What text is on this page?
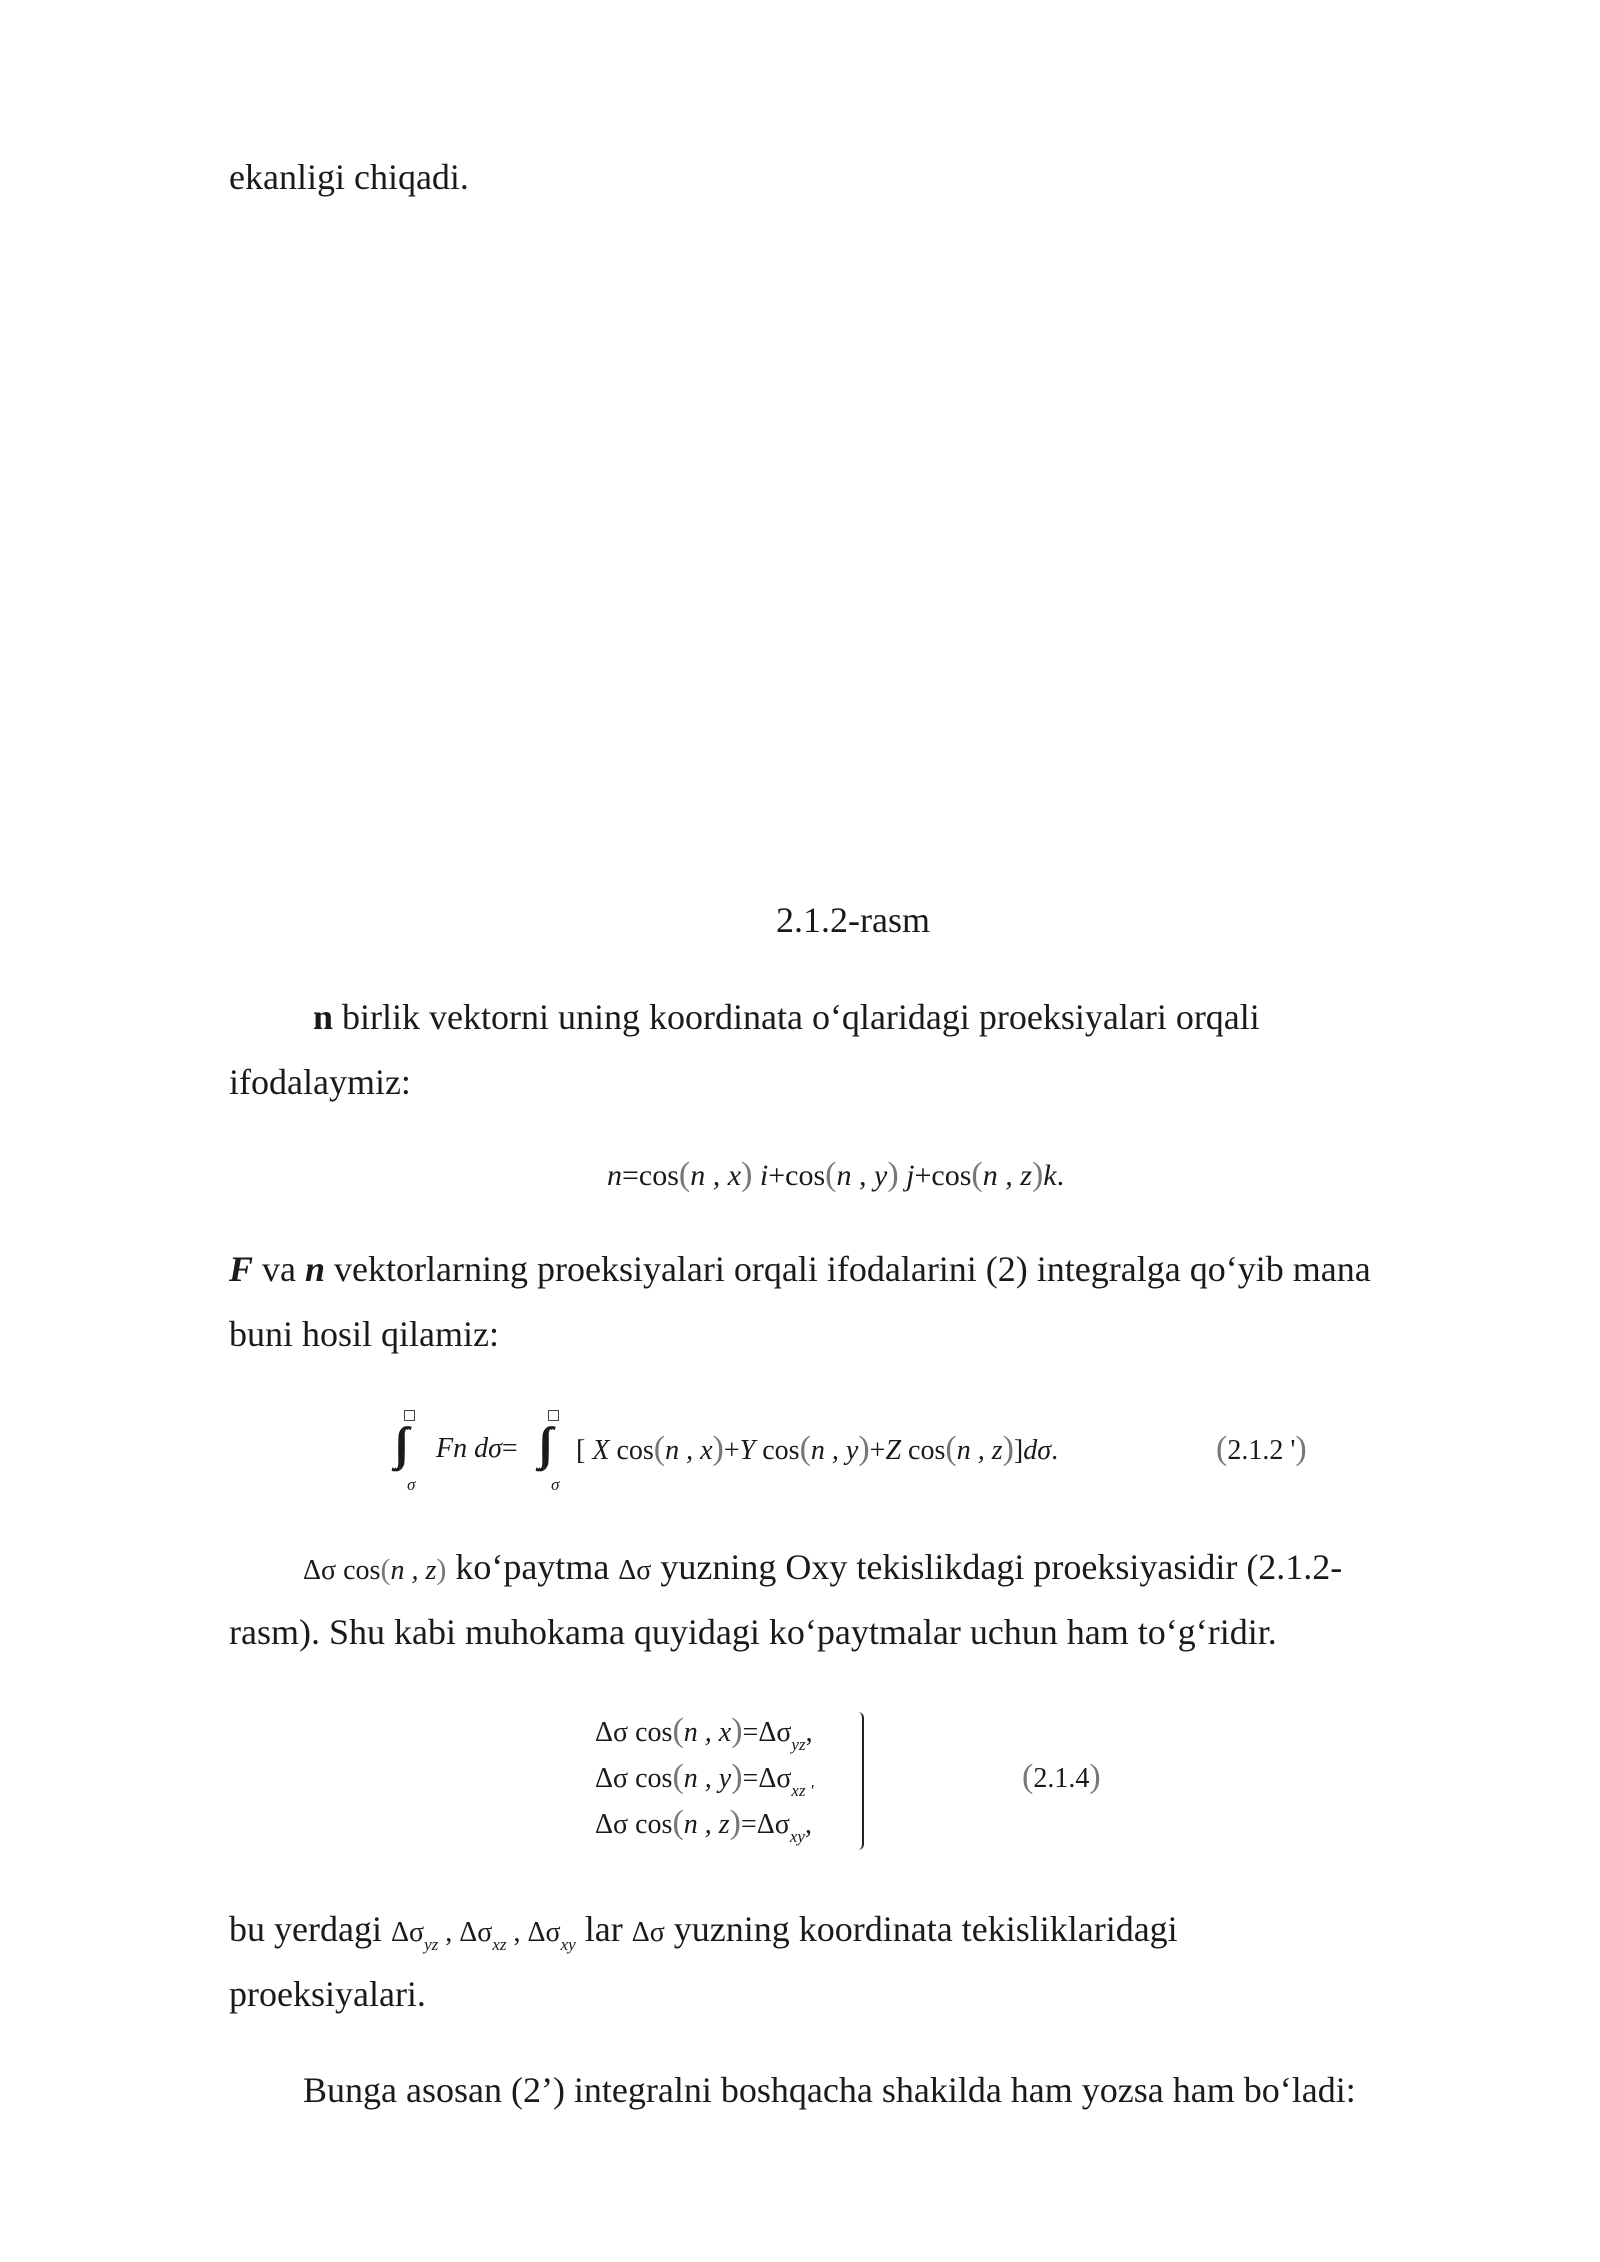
ekanligi chiqadi.
2.1.2-rasm
n birlik vektorni uning koordinata o‘qlaridagi proeksiyalari orqali
ifodalaymiz:
n=cos(n , x) i+cos(n , y) j+cos(n , z)k.
F va n vektorlarning proeksiyalari orqali ifodalarini (2) integralga qo‘yib mana
buni hosil qilamiz:
∫∫
σ
Fn dσ= ∫∫
σ
[ X cos(n , x)+Y cos(n , y)+Z cos(n , z)]dσ.	(2.1.2 ')
Δσ cos(n , z) ko‘paytma Δσ yuzning Oxy tekislikdagi proeksiyasidir (2.1.2-
rasm). Shu kabi muhokama quyidagi ko‘paytmalar uchun ham to‘g‘ridir.
Δσ cos(n , $x)=\Delta\sigma_{yz}$,
Δσ cos(n , $y)=\Delta\sigma_{xz '}$
Δσ cos(n , $z)=\Delta\sigma_{xy}$,
(2.1.4)
bu yerdagi $\Delta\sigma_{yz}$ , $\Delta\sigma_{xz}$ , $\Delta\sigma_{xy}$ lar Δσ yuzning koordinata tekisliklaridagi
proeksiyalari.
Bunga asosan (2’) integralni boshqacha shakilda ham yozsa ham bo‘ladi:
